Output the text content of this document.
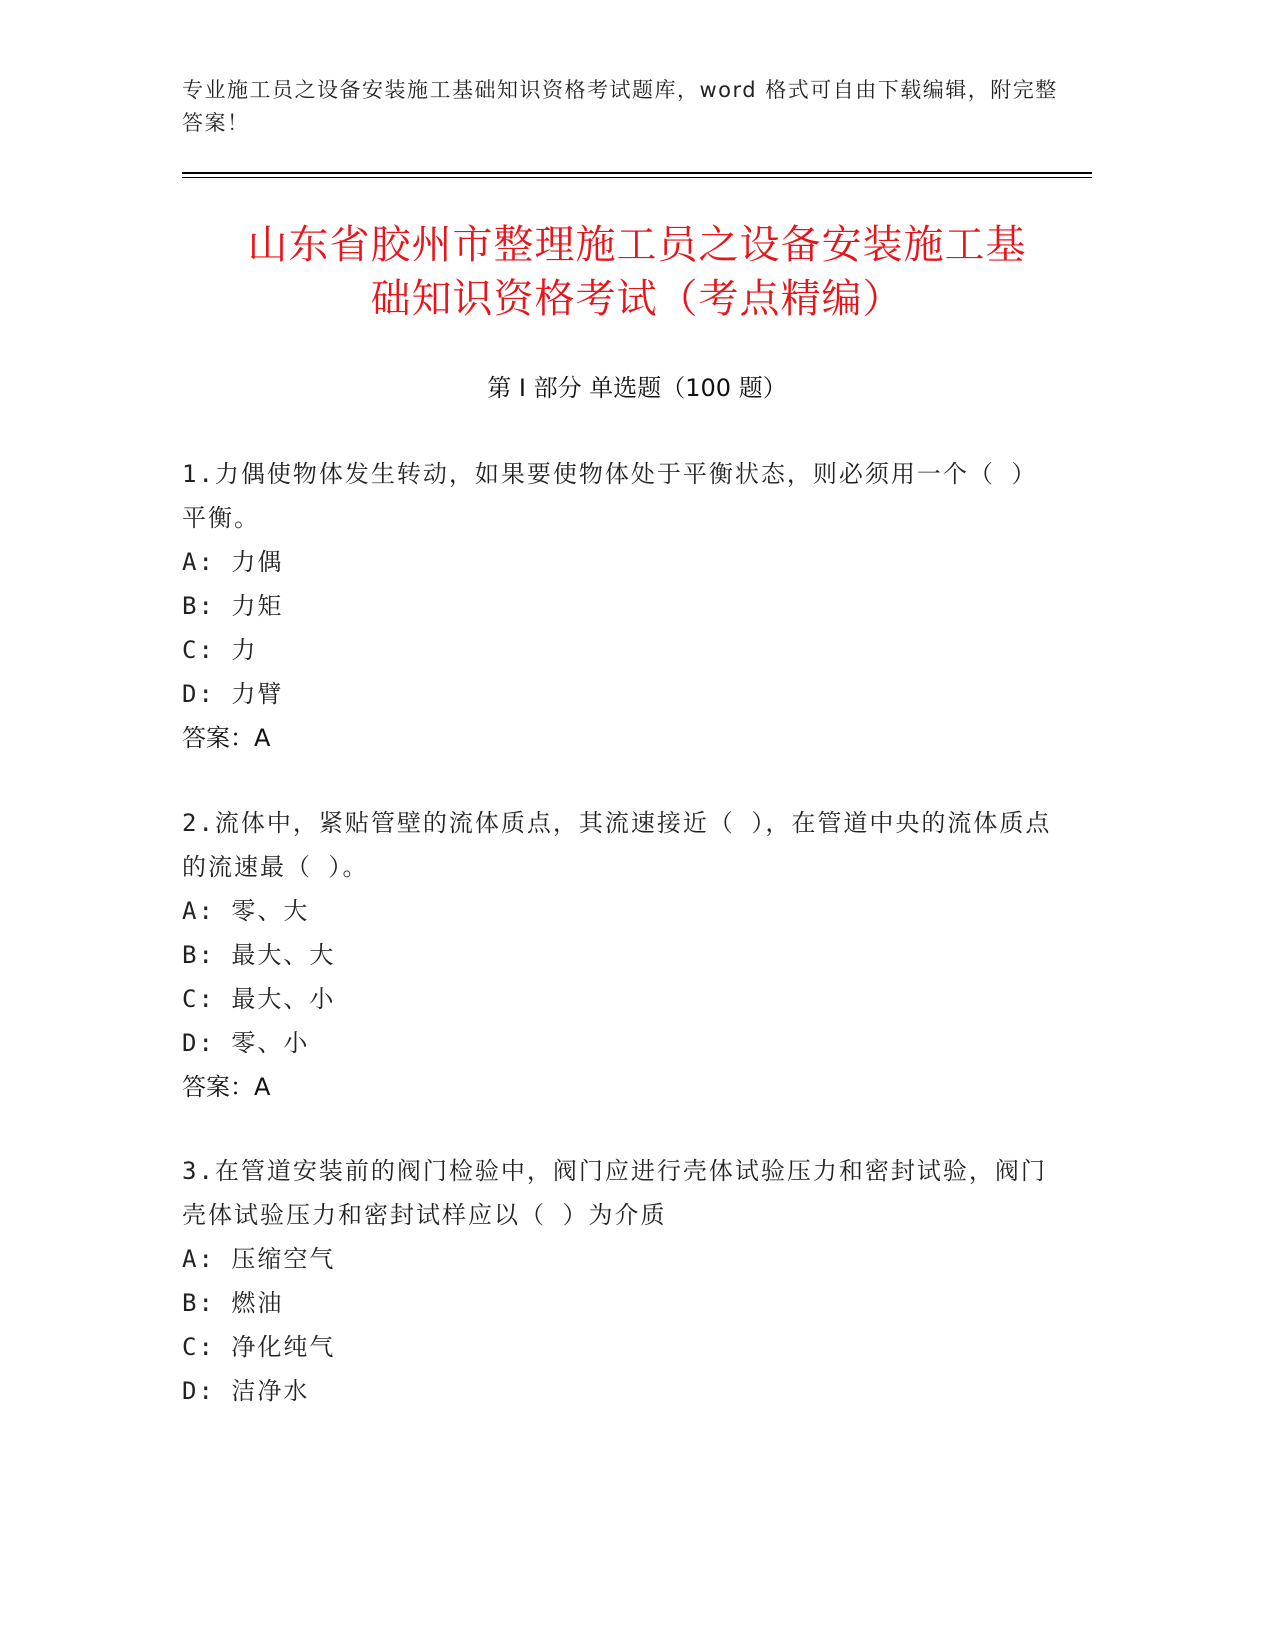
专业施工员之设备安装施工基础知识资格考试题库，word 格式可自由下载编辑，附完整答案！
山东省胶州市整理施工员之设备安装施工基
础知识资格考试（考点精编）
第 I 部分 单选题（100 题）
1.力偶使物体发生转动，如果要使物体处于平衡状态，则必须用一个（ ）平衡。
A: 力偶
B: 力矩
C: 力
D: 力臂
答案：A
2.流体中，紧贴管壁的流体质点，其流速接近（ ），在管道中央的流体质点的流速最（ ）。
A: 零、大
B: 最大、大
C: 最大、小
D: 零、小
答案：A
3.在管道安装前的阀门检验中，阀门应进行壳体试验压力和密封试验，阀门壳体试验压力和密封试样应以（ ）为介质
A: 压缩空气
B: 燃油
C: 净化纯气
D: 洁净水
